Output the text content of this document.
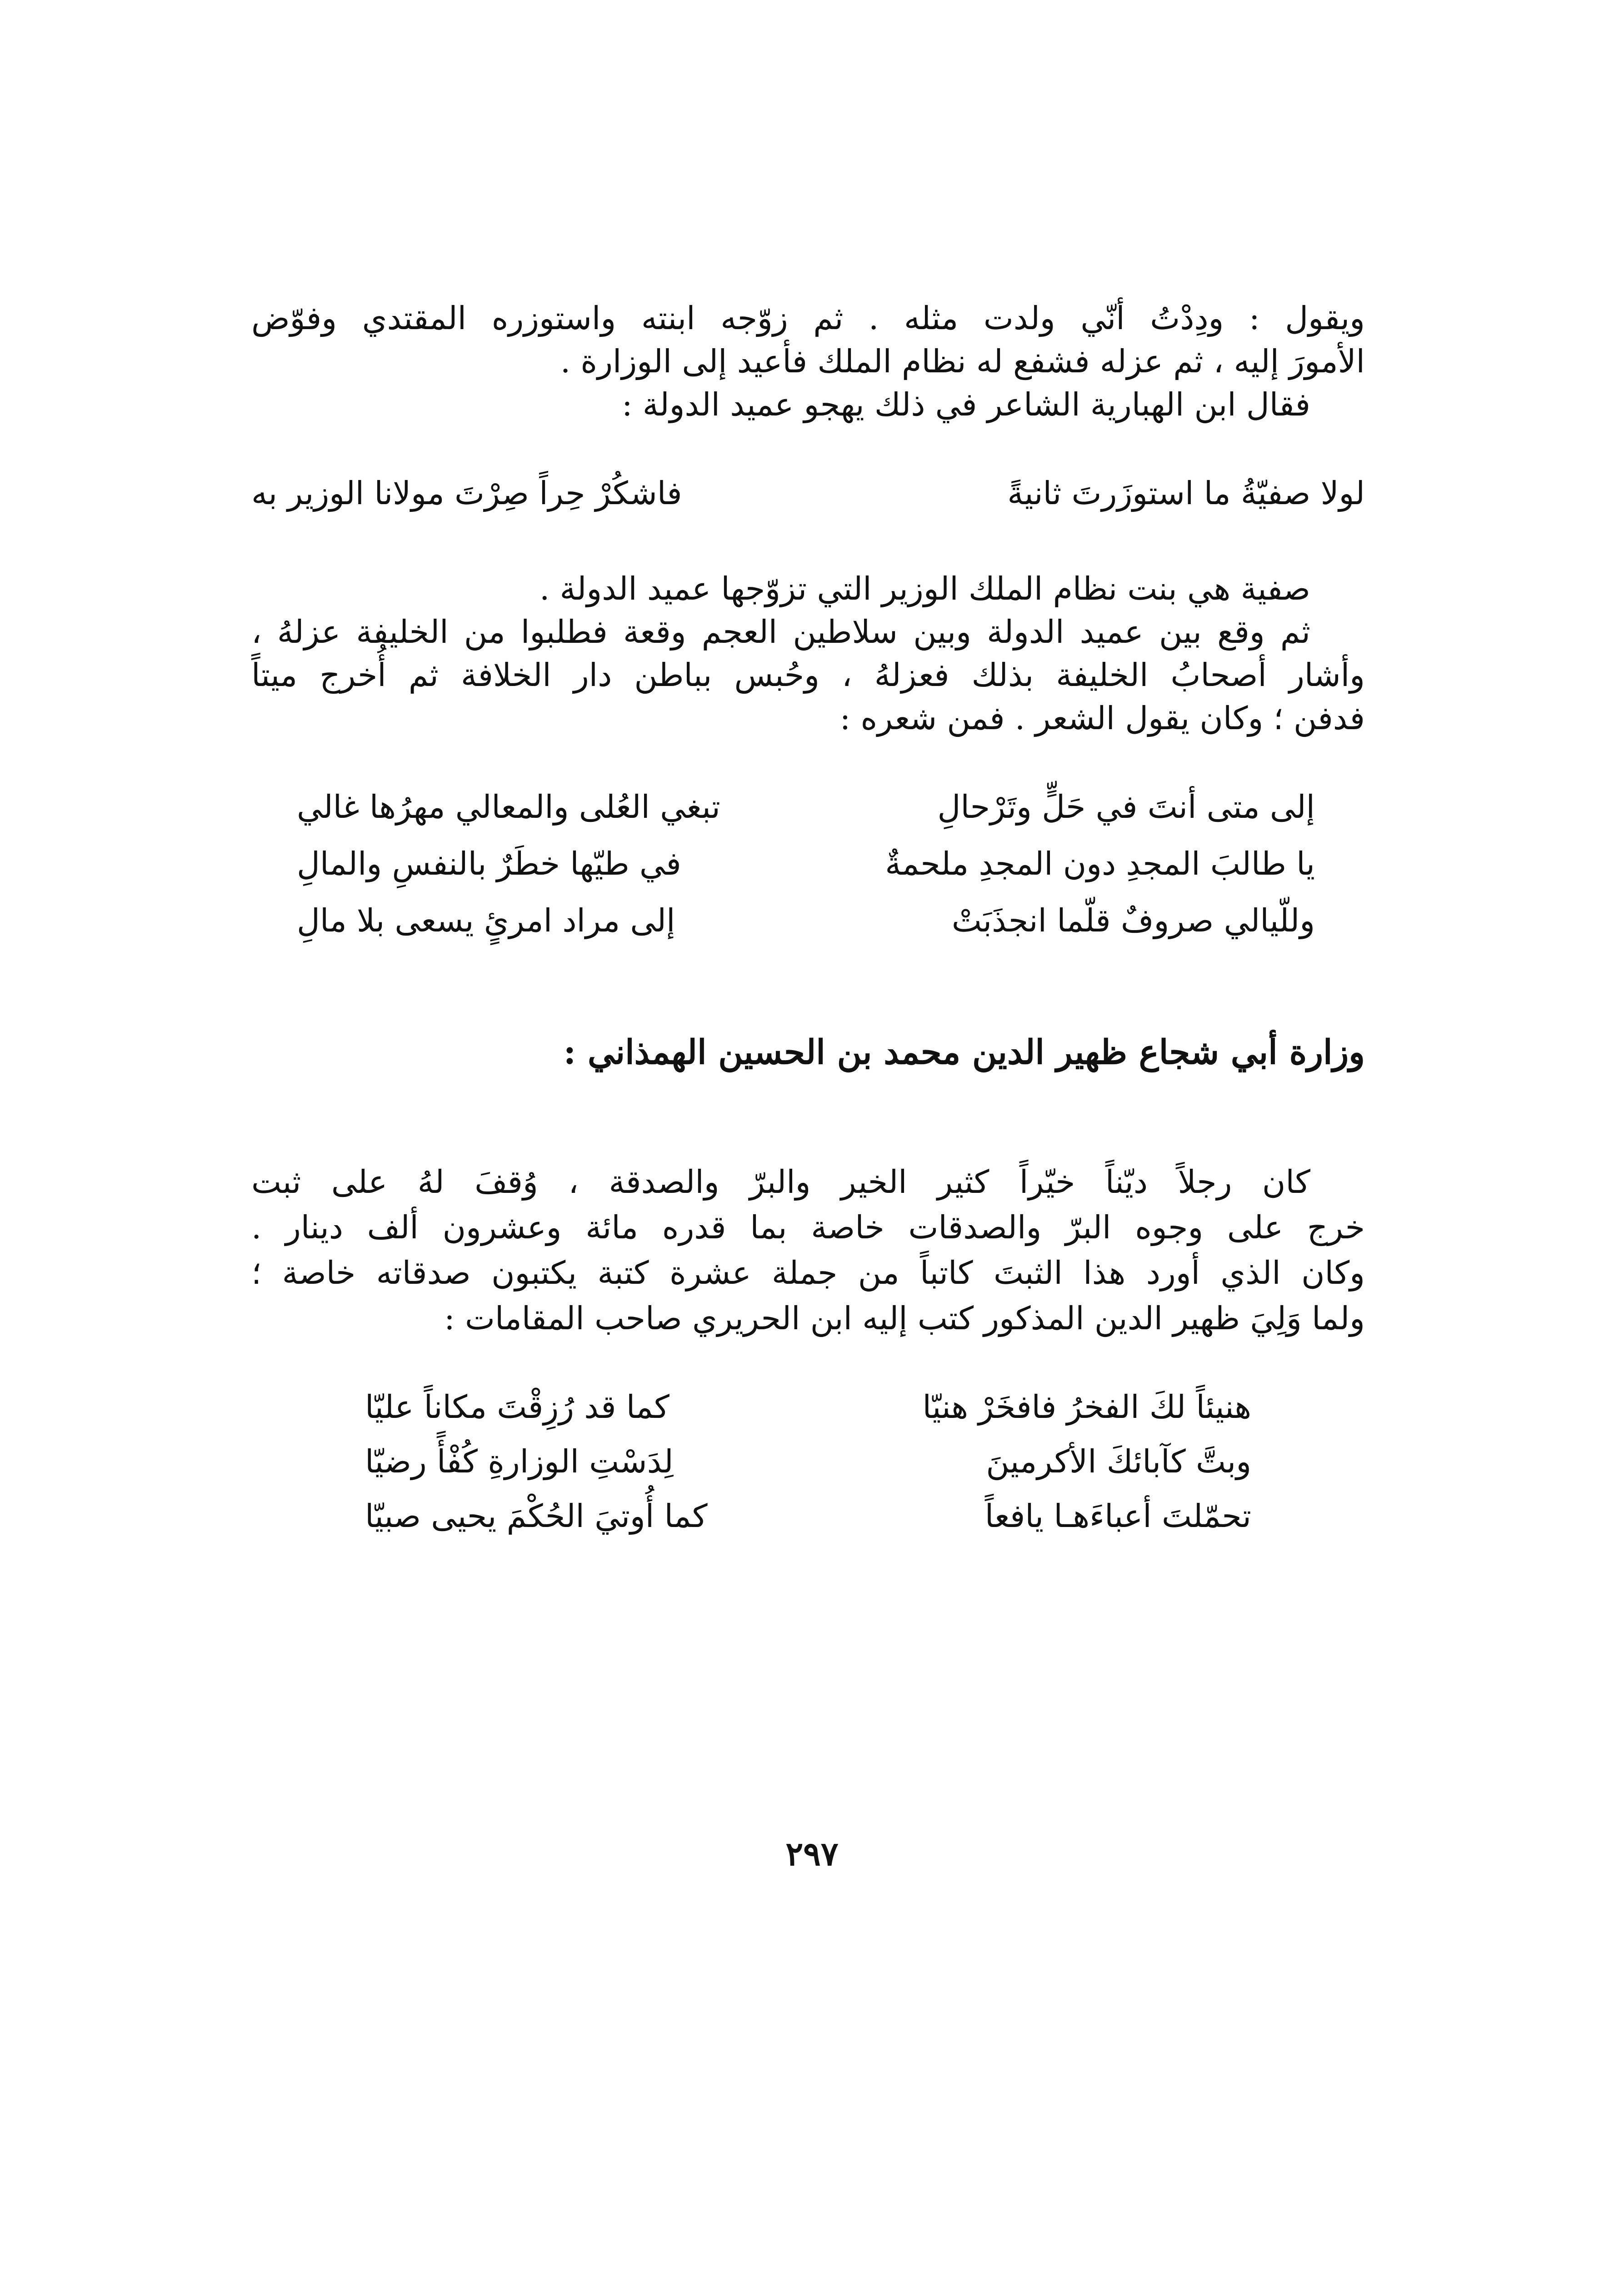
ويقول : ودِدْتُ أنّي ولدت مثله . ثم زوّجه ابنته واستوزره المقتدي وفوّض
الأمورَ إليه ، ثم عزله فشفع له نظام الملك فأعيد إلى الوزارة .
فقال ابن الهبارية الشاعر في ذلك يهجو عميد الدولة :
لولا صفيّةُ ما استوزَرتَ ثانيةً
فاشكُرْ حِراً صِرْتَ مولانا الوزير به
صفية هي بنت نظام الملك الوزير التي تزوّجها عميد الدولة .
ثم وقع بين عميد الدولة وبين سلاطين العجم وقعة فطلبوا من الخليفة عزلهُ ،
وأشار أصحابُ الخليفة بذلك فعزلهُ ، وحُبس بباطن دار الخلافة ثم أُخرج ميتاً
فدفن ؛ وكان يقول الشعر . فمن شعره :
إلى متى أنتَ في حَلٍّ وتَرْحالِ
تبغي العُلى والمعالي مهرُها غالي
يا طالبَ المجدِ دون المجدِ ملحمةٌ
في طيّها خطَرٌ بالنفسِ والمالِ
وللّيالي صروفٌ قلّما انجذَبَتْ
إلى مراد امرئٍ يسعى بلا مالِ
وزارة أبي شجاع ظهير الدين محمد بن الحسين الهمذاني :
كان رجلاً ديّناً خيّراً كثير الخير والبرّ والصدقة ، وُقفَ لهُ على ثبت
خرج على وجوه البرّ والصدقات خاصة بما قدره مائة وعشرون ألف دينار .
وكان الذي أورد هذا الثبتَ كاتباً من جملة عشرة كتبة يكتبون صدقاته خاصة ؛
ولما وَلِيَ ظهير الدين المذكور كتب إليه ابن الحريري صاحب المقامات :
هنيئاً لكَ الفخرُ فافخَرْ هنيّا
كما قد رُزِقْتَ مكاناً عليّا
وبتَّ كآبائكَ الأكرمينَ
لِدَسْتِ الوزارةِ كُفْأً رضيّا
تحمّلتَ أعباءَهـا يافعاً
كما أُوتيَ الحُكْمَ يحيى صبيّا
٢٩٧
